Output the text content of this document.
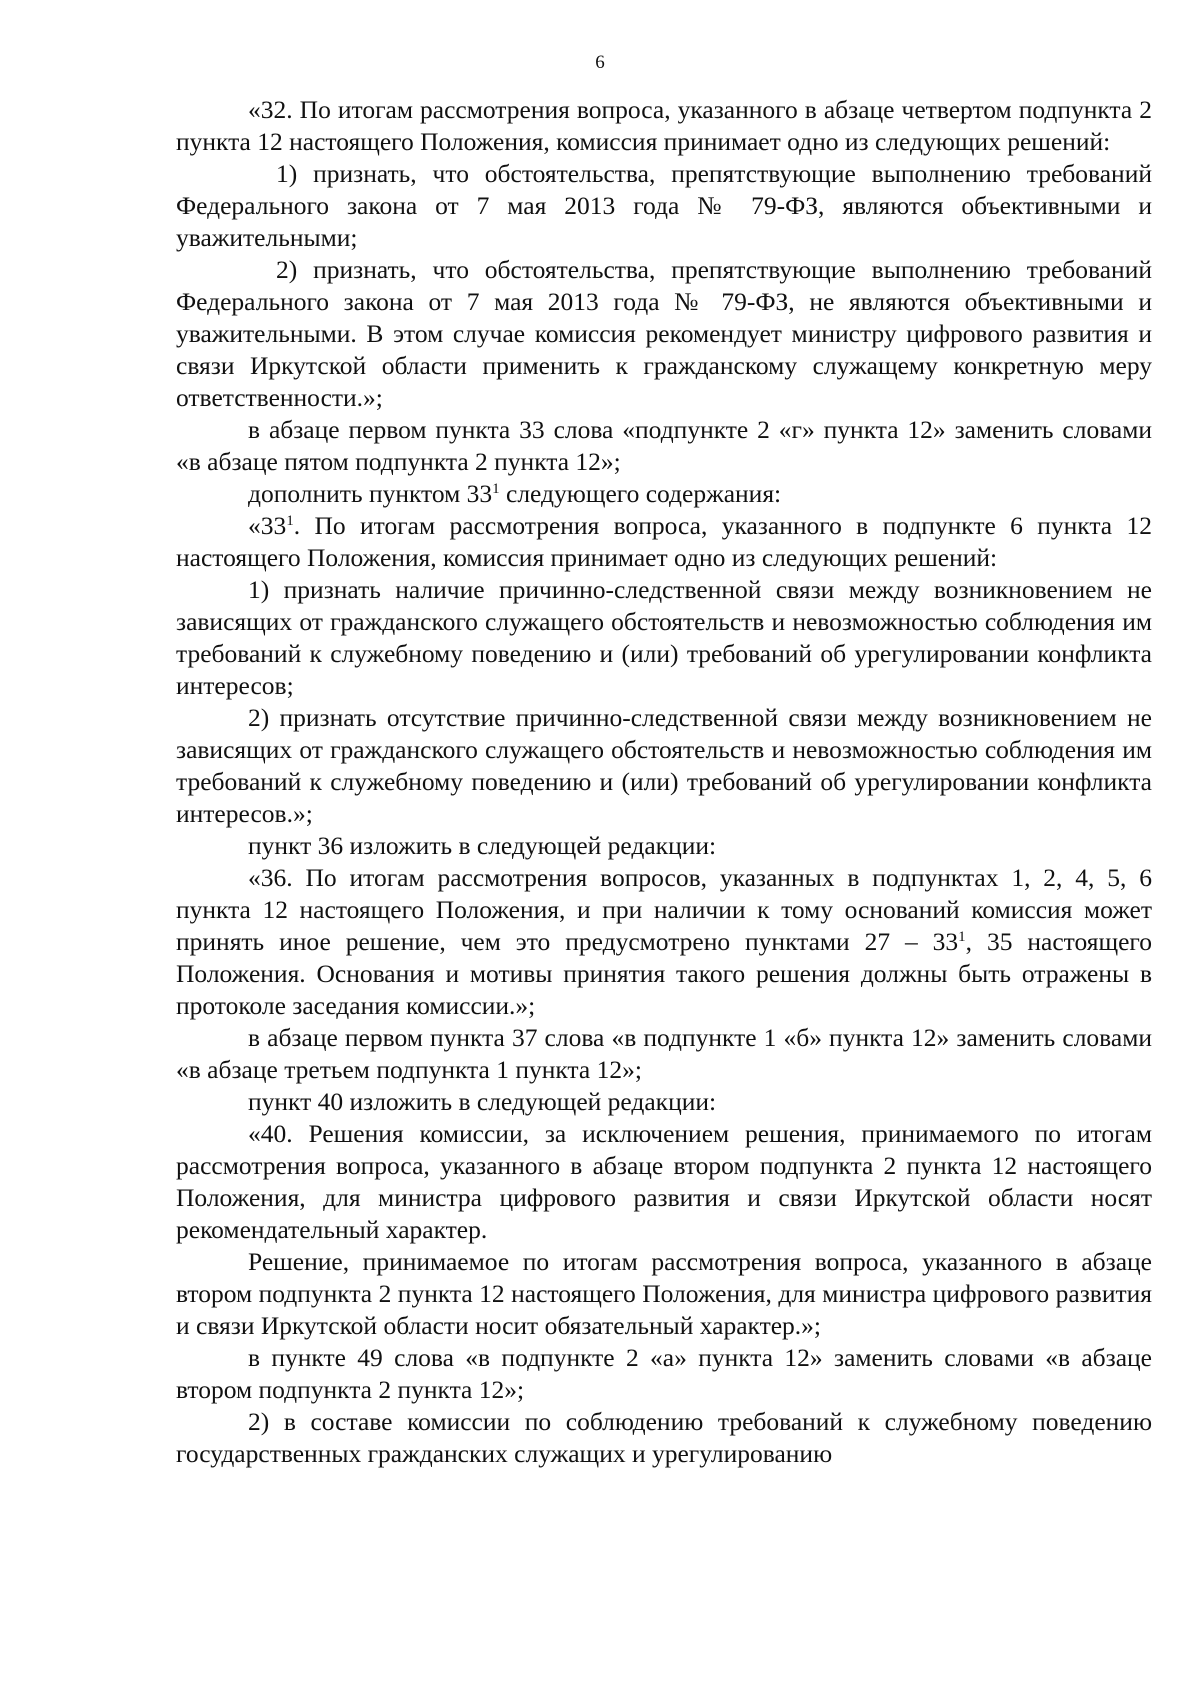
6

«32. По итогам рассмотрения вопроса, указанного в абзаце четвертом подпункта 2 пункта 12 настоящего Положения, комиссия принимает одно из следующих решений:

1) признать, что обстоятельства, препятствующие выполнению требований Федерального закона от 7 мая 2013 года № 79-ФЗ, являются объективными и уважительными;

2) признать, что обстоятельства, препятствующие выполнению требований Федерального закона от 7 мая 2013 года № 79-ФЗ, не являются объективными и уважительными. В этом случае комиссия рекомендует министру цифрового развития и связи Иркутской области применить к гражданскому служащему конкретную меру ответственности.»;

в абзаце первом пункта 33 слова «подпункте 2 «г» пункта 12» заменить словами «в абзаце пятом подпункта 2 пункта 12»;

дополнить пунктом $33^1$ следующего содержания:

«$33^1$. По итогам рассмотрения вопроса, указанного в подпункте 6 пункта 12 настоящего Положения, комиссия принимает одно из следующих решений:

1) признать наличие причинно-следственной связи между возникновением не зависящих от гражданского служащего обстоятельств и невозможностью соблюдения им требований к служебному поведению и (или) требований об урегулировании конфликта интересов;

2) признать отсутствие причинно-следственной связи между возникновением не зависящих от гражданского служащего обстоятельств и невозможностью соблюдения им требований к служебному поведению и (или) требований об урегулировании конфликта интересов.»;

пункт 36 изложить в следующей редакции:

«36. По итогам рассмотрения вопросов, указанных в подпунктах 1, 2, 4, 5, 6 пункта 12 настоящего Положения, и при наличии к тому оснований комиссия может принять иное решение, чем это предусмотрено пунктами $27 - 33^1$, 35 настоящего Положения. Основания и мотивы принятия такого решения должны быть отражены в протоколе заседания комиссии.»;

в абзаце первом пункта 37 слова «в подпункте 1 «б» пункта 12» заменить словами «в абзаце третьем подпункта 1 пункта 12»;

пункт 40 изложить в следующей редакции:

«40. Решения комиссии, за исключением решения, принимаемого по итогам рассмотрения вопроса, указанного в абзаце втором подпункта 2 пункта 12 настоящего Положения, для министра цифрового развития и связи Иркутской области носят рекомендательный характер.

Решение, принимаемое по итогам рассмотрения вопроса, указанного в абзаце втором подпункта 2 пункта 12 настоящего Положения, для министра цифрового развития и связи Иркутской области носит обязательный характер.»;

в пункте 49 слова «в подпункте 2 «а» пункта 12» заменить словами «в абзаце втором подпункта 2 пункта 12»;

2) в составе комиссии по соблюдению требований к служебному поведению государственных гражданских служащих и урегулированию
